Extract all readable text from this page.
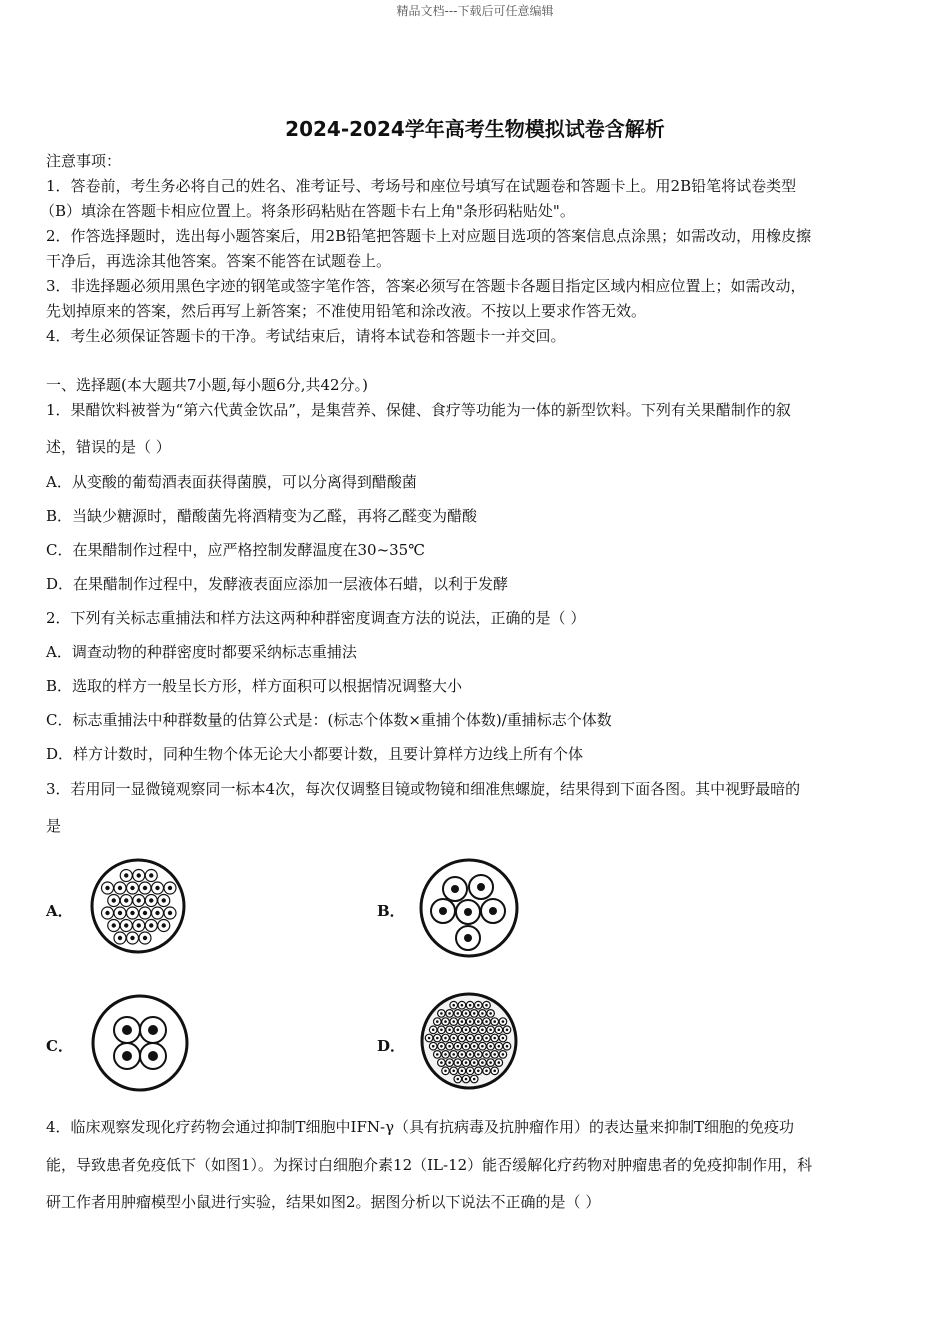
精品文档---下载后可任意编辑
2024-2024学年高考生物模拟试卷含解析
注意事项：
1．答卷前，考生务必将自己的姓名、准考证号、考场号和座位号填写在试题卷和答题卡上。用2B铅笔将试卷类型
（B）填涂在答题卡相应位置上。将条形码粘贴在答题卡右上角"条形码粘贴处"。
2．作答选择题时，选出每小题答案后，用2B铅笔把答题卡上对应题目选项的答案信息点涂黑；如需改动，用橡皮擦
干净后，再选涂其他答案。答案不能答在试题卷上。
3．非选择题必须用黑色字迹的钢笔或签字笔作答，答案必须写在答题卡各题目指定区域内相应位置上；如需改动，
先划掉原来的答案，然后再写上新答案；不准使用铅笔和涂改液。不按以上要求作答无效。
4．考生必须保证答题卡的干净。考试结束后，请将本试卷和答题卡一并交回。
一、选择题(本大题共7小题,每小题6分,共42分。)
1．果醋饮料被誉为“第六代黄金饮品”，是集营养、保健、食疗等功能为一体的新型饮料。下列有关果醋制作的叙
述，错误的是（ ）
A．从变酸的葡萄酒表面获得菌膜，可以分离得到醋酸菌
B．当缺少糖源时，醋酸菌先将酒精变为乙醛，再将乙醛变为醋酸
C．在果醋制作过程中，应严格控制发酵温度在30~35℃
D．在果醋制作过程中，发酵液表面应添加一层液体石蜡，以利于发酵
2．下列有关标志重捕法和样方法这两种种群密度调查方法的说法，正确的是（ ）
A．调查动物的种群密度时都要采纳标志重捕法
B．选取的样方一般呈长方形，样方面积可以根据情况调整大小
C．标志重捕法中种群数量的估算公式是：(标志个体数×重捕个体数)/重捕标志个体数
D．样方计数时，同种生物个体无论大小都要计数，且要计算样方边线上所有个体
3．若用同一显微镜观察同一标本4次，每次仅调整目镜或物镜和细准焦螺旋，结果得到下面各图。其中视野最暗的
是
A．	B．
C．	D．
4．临床观察发现化疗药物会通过抑制T细胞中IFN-γ（具有抗病毒及抗肿瘤作用）的表达量来抑制T细胞的免疫功
能，导致患者免疫低下（如图1）。为探讨白细胞介素12（IL-12）能否缓解化疗药物对肿瘤患者的免疫抑制作用，科
研工作者用肿瘤模型小鼠进行实验，结果如图2。据图分析以下说法不正确的是（ ）
